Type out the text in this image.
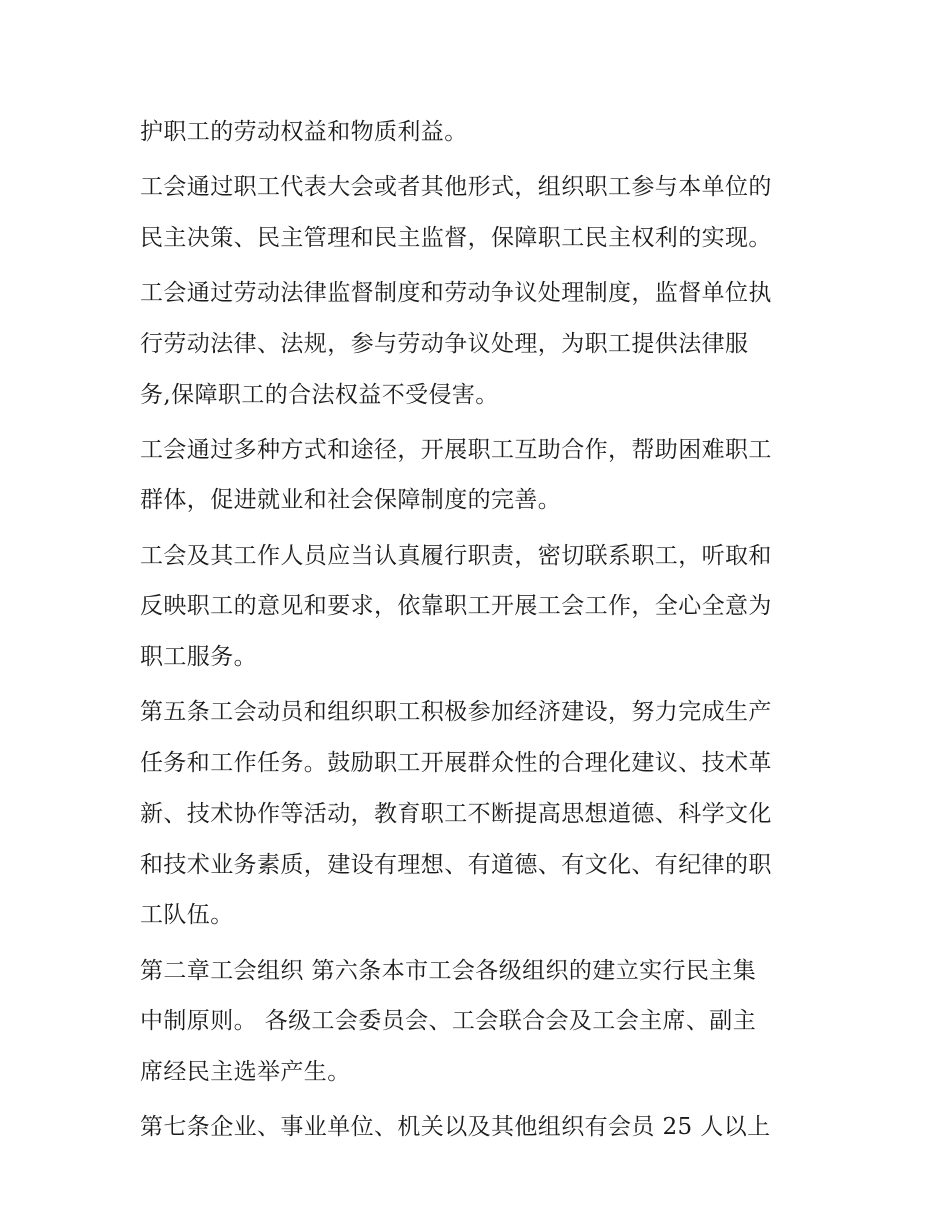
护职工的劳动权益和物质利益。

工会通过职工代表大会或者其他形式，组织职工参与本单位的
民主决策、民主管理和民主监督，保障职工民主权利的实现。

工会通过劳动法律监督制度和劳动争议处理制度，监督单位执
行劳动法律、法规，参与劳动争议处理，为职工提供法律服
务,保障职工的合法权益不受侵害。

工会通过多种方式和途径，开展职工互助合作，帮助困难职工
群体，促进就业和社会保障制度的完善。

工会及其工作人员应当认真履行职责，密切联系职工，听取和
反映职工的意见和要求，依靠职工开展工会工作，全心全意为
职工服务。

第五条工会动员和组织职工积极参加经济建设，努力完成生产
任务和工作任务。鼓励职工开展群众性的合理化建议、技术革
新、技术协作等活动，教育职工不断提高思想道德、科学文化
和技术业务素质，建设有理想、有道德、有文化、有纪律的职
工队伍。

第二章工会组织 第六条本市工会各级组织的建立实行民主集
中制原则。 各级工会委员会、工会联合会及工会主席、副主
席经民主选举产生。

第七条企业、事业单位、机关以及其他组织有会员 25 人以上
